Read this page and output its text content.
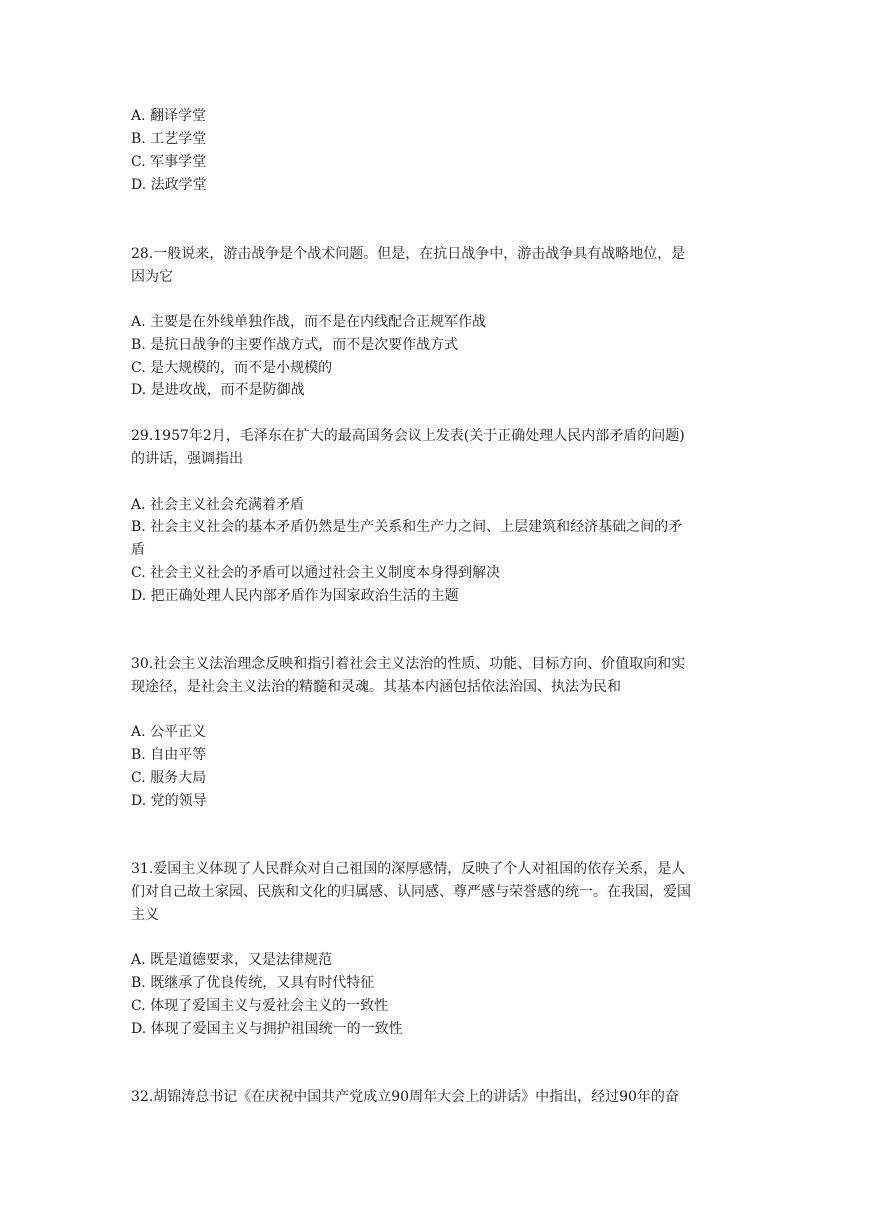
A. 翻译学堂
B. 工艺学堂
C. 军事学堂
D. 法政学堂
28.一般说来，游击战争是个战术问题。但是，在抗日战争中，游击战争具有战略地位，是
因为它
A. 主要是在外线单独作战，而不是在内线配合正规军作战
B. 是抗日战争的主要作战方式，而不是次要作战方式
C. 是大规模的，而不是小规模的
D. 是进攻战，而不是防御战
29.1957年2月，毛泽东在扩大的最高国务会议上发表(关于正确处理人民内部矛盾的问题)
的讲话，强调指出
A. 社会主义社会充满着矛盾
B. 社会主义社会的基本矛盾仍然是生产关系和生产力之间、上层建筑和经济基础之间的矛
盾
C. 社会主义社会的矛盾可以通过社会主义制度本身得到解决
D. 把正确处理人民内部矛盾作为国家政治生活的主题
30.社会主义法治理念反映和指引着社会主义法治的性质、功能、目标方向、价值取向和实
现途径，是社会主义法治的精髓和灵魂。其基本内涵包括依法治国、执法为民和
A. 公平正义
B. 自由平等
C. 服务大局
D. 党的领导
31.爱国主义体现了人民群众对自己祖国的深厚感情，反映了个人对祖国的依存关系，是人
们对自己故土家园、民族和文化的归属感、认同感、尊严感与荣誉感的统一。在我国，爱国
主义
A. 既是道德要求，又是法律规范
B. 既继承了优良传统，又具有时代特征
C. 体现了爱国主义与爱社会主义的一致性
D. 体现了爱国主义与拥护祖国统一的一致性
32.胡锦涛总书记《在庆祝中国共产党成立90周年大会上的讲话》中指出，经过90年的奋
